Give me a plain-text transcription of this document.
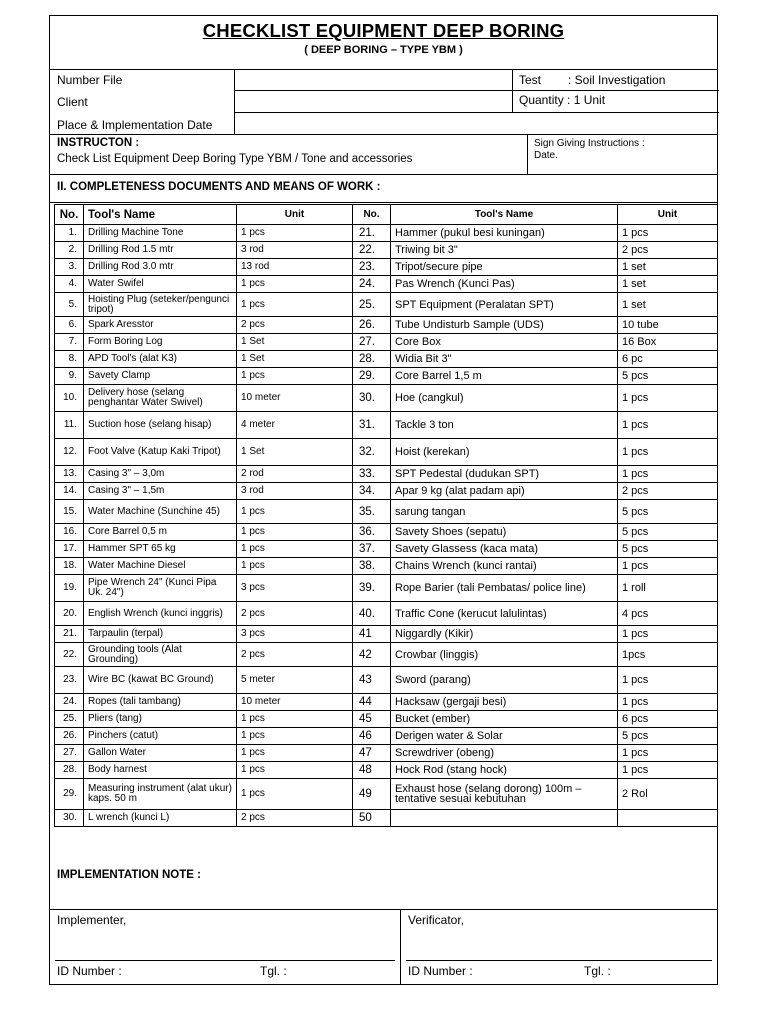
CHECKLIST EQUIPMENT DEEP BORING
( DEEP BORING – TYPE YBM )
Number File
Client
Place & Implementation Date
Test : Soil Investigation
Quantity : 1 Unit
INSTRUCTON :
Check List Equipment Deep Boring Type YBM / Tone and accessories
Sign Giving Instructions :
Date.
II. COMPLETENESS DOCUMENTS AND MEANS OF WORK :
No.	Tool's Name	Unit	No.	Tool's Name	Unit
1.	Drilling Machine Tone	1 pcs	21.	Hammer (pukul besi kuningan)	1 pcs
2.	Drilling Rod 1.5 mtr	3 rod	22.	Triwing bit 3"	2 pcs
3.	Drilling Rod 3.0 mtr	13 rod	23.	Tripot/secure pipe	1 set
4.	Water Swifel	1 pcs	24.	Pas Wrench (Kunci Pas)	1 set
5.	Hoisting Plug (seteker/pengunci tripot)	1 pcs	25.	SPT Equipment (Peralatan SPT)	1 set
6.	Spark Aresstor	2 pcs	26.	Tube Undisturb Sample (UDS)	10 tube
7.	Form Boring Log	1 Set	27.	Core Box	16 Box
8.	APD Tool's (alat K3)	1 Set	28.	Widia Bit 3"	6 pc
9.	Savety Clamp	1 pcs	29.	Core Barrel 1,5 m	5 pcs
10.	Delivery hose (selang penghantar Water Swivel)	10 meter	30.	Hoe (cangkul)	1 pcs
11.	Suction hose (selang hisap)	4 meter	31.	Tackle 3 ton	1 pcs
12.	Foot Valve (Katup Kaki Tripot)	1 Set	32.	Hoist (kerekan)	1 pcs
13.	Casing 3" – 3,0m	2 rod	33.	SPT Pedestal (dudukan SPT)	1 pcs
14.	Casing 3" – 1,5m	3 rod	34.	Apar 9 kg (alat padam api)	2 pcs
15.	Water Machine (Sunchine 45)	1 pcs	35.	sarung tangan	5 pcs
16.	Core Barrel 0,5 m	1 pcs	36.	Savety Shoes (sepatu)	5 pcs
17.	Hammer SPT 65 kg	1 pcs	37.	Savety Glassess (kaca mata)	5 pcs
18.	Water Machine Diesel	1 pcs	38.	Chains Wrench (kunci rantai)	1 pcs
19.	Pipe Wrench 24" (Kunci Pipa Uk. 24")	3 pcs	39.	Rope Barier (tali Pembatas/ police line)	1 roll
20.	English Wrench (kunci inggris)	2 pcs	40.	Traffic Cone (kerucut lalulintas)	4 pcs
21.	Tarpaulin (terpal)	3 pcs	41	Niggardly (Kikir)	1 pcs
22.	Grounding tools (Alat Grounding)	2 pcs	42	Crowbar (linggis)	1pcs
23.	Wire BC (kawat BC Ground)	5 meter	43	Sword (parang)	1 pcs
24.	Ropes (tali tambang)	10 meter	44	Hacksaw (gergaji besi)	1 pcs
25.	Pliers (tang)	1 pcs	45	Bucket (ember)	6 pcs
26.	Pinchers (catut)	1 pcs	46	Derigen water & Solar	5 pcs
27.	Gallon Water	1 pcs	47	Screwdriver (obeng)	1 pcs
28.	Body harnest	1 pcs	48	Hock Rod (stang hock)	1 pcs
29.	Measuring instrument (alat ukur) kaps. 50 m	1 pcs	49	Exhaust hose (selang dorong) 100m – tentative sesuai kebutuhan	2 Rol
30.	L wrench (kunci L)	2 pcs	50		
IMPLEMENTATION NOTE :
Implementer,	Verificator,
ID Number :	Tgl. :	ID Number :	Tgl. :
